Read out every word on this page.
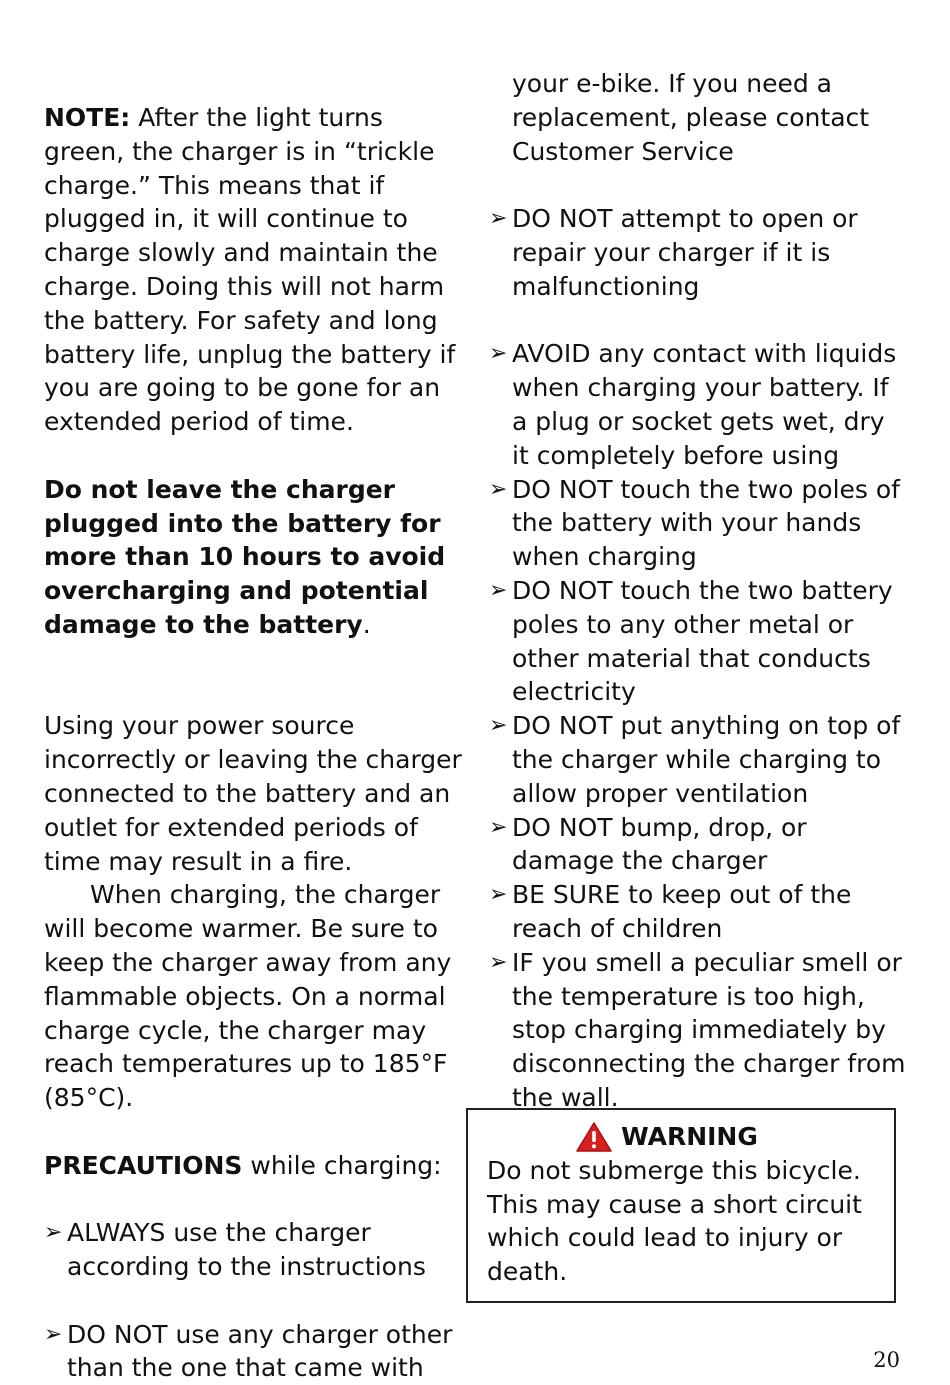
NOTE: After the light turns green, the charger is in “trickle charge.” This means that if plugged in, it will continue to charge slowly and maintain the charge. Doing this will not harm the battery. For safety and long battery life, unplug the battery if you are going to be gone for an extended period of time.

Do not leave the charger plugged into the battery for more than 10 hours to avoid overcharging and potential damage to the battery.

Using your power source incorrectly or leaving the charger connected to the battery and an outlet for extended periods of time may result in a fire.

When charging, the charger will become warmer. Be sure to keep the charger away from any flammable objects. On a normal charge cycle, the charger may reach temperatures up to 185°F (85°C).

PRECAUTIONS while charging:

➢ ALWAYS use the charger according to the instructions
➢ DO NOT use any charger other than the one that came with

your e-bike. If you need a replacement, please contact Customer Service

➢ DO NOT attempt to open or repair your charger if it is malfunctioning
➢ AVOID any contact with liquids when charging your battery. If a plug or socket gets wet, dry it completely before using
➢ DO NOT touch the two poles of the battery with your hands when charging
➢ DO NOT touch the two battery poles to any other metal or other material that conducts electricity
➢ DO NOT put anything on top of the charger while charging to allow proper ventilation
➢ DO NOT bump, drop, or damage the charger
➢ BE SURE to keep out of the reach of children
➢ IF you smell a peculiar smell or the temperature is too high, stop charging immediately by disconnecting the charger from the wall.
WARNING

Do not submerge this bicycle. This may cause a short circuit which could lead to injury or death.

20
